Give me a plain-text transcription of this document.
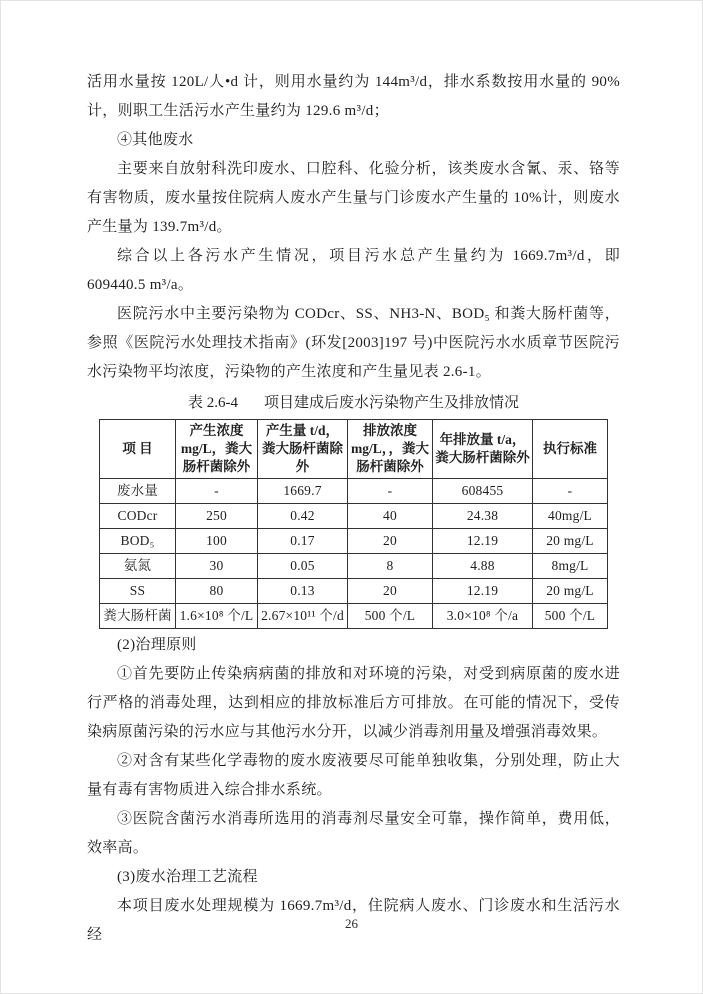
活用水量按 120L/人•d 计，则用水量约为 144m³/d，排水系数按用水量的 90%计，则职工生活污水产生量约为 129.6 m³/d；

④其他废水

主要来自放射科洗印废水、口腔科、化验分析，该类废水含氰、汞、铬等有害物质，废水量按住院病人废水产生量与门诊废水产生量的 10%计，则废水产生量为 139.7m³/d。

综合以上各污水产生情况，项目污水总产生量约为 1669.7m³/d，即 609440.5 m³/a。

医院污水中主要污染物为 CODcr、SS、NH3-N、BOD₅ 和粪大肠杆菌等，参照《医院污水处理技术指南》(环发[2003]197 号)中医院污水水质章节医院污水污染物平均浓度，污染物的产生浓度和产生量见表 2.6-1。

表 2.6-4 项目建成后废水污染物产生及排放情况
项 目	产生浓度 mg/L，粪大肠杆菌除外	产生量 t/d，粪大肠杆菌除外	排放浓度 mg/L，，粪大肠杆菌除外	年排放量 t/a，粪大肠杆菌除外	执行标准
废水量	-	1669.7	-	608455	-
CODcr	250	0.42	40	24.38	40mg/L
BOD₅	100	0.17	20	12.19	20 mg/L
氨氮	30	0.05	8	4.88	8mg/L
SS	80	0.13	20	12.19	20 mg/L
粪大肠杆菌	1.6×10⁸ 个/L	2.67×10¹¹ 个/d	500 个/L	3.0×10⁸ 个/a	500 个/L

(2)治理原则

①首先要防止传染病病菌的排放和对环境的污染，对受到病原菌的废水进行严格的消毒处理，达到相应的排放标准后方可排放。在可能的情况下，受传染病原菌污染的污水应与其他污水分开，以减少消毒剂用量及增强消毒效果。

②对含有某些化学毒物的废水废液要尽可能单独收集，分别处理，防止大量有毒有害物质进入综合排水系统。

③医院含菌污水消毒所选用的消毒剂尽量安全可靠，操作简单，费用低，效率高。

(3)废水治理工艺流程

本项目废水处理规模为 1669.7m³/d，住院病人废水、门诊废水和生活污水经

26
